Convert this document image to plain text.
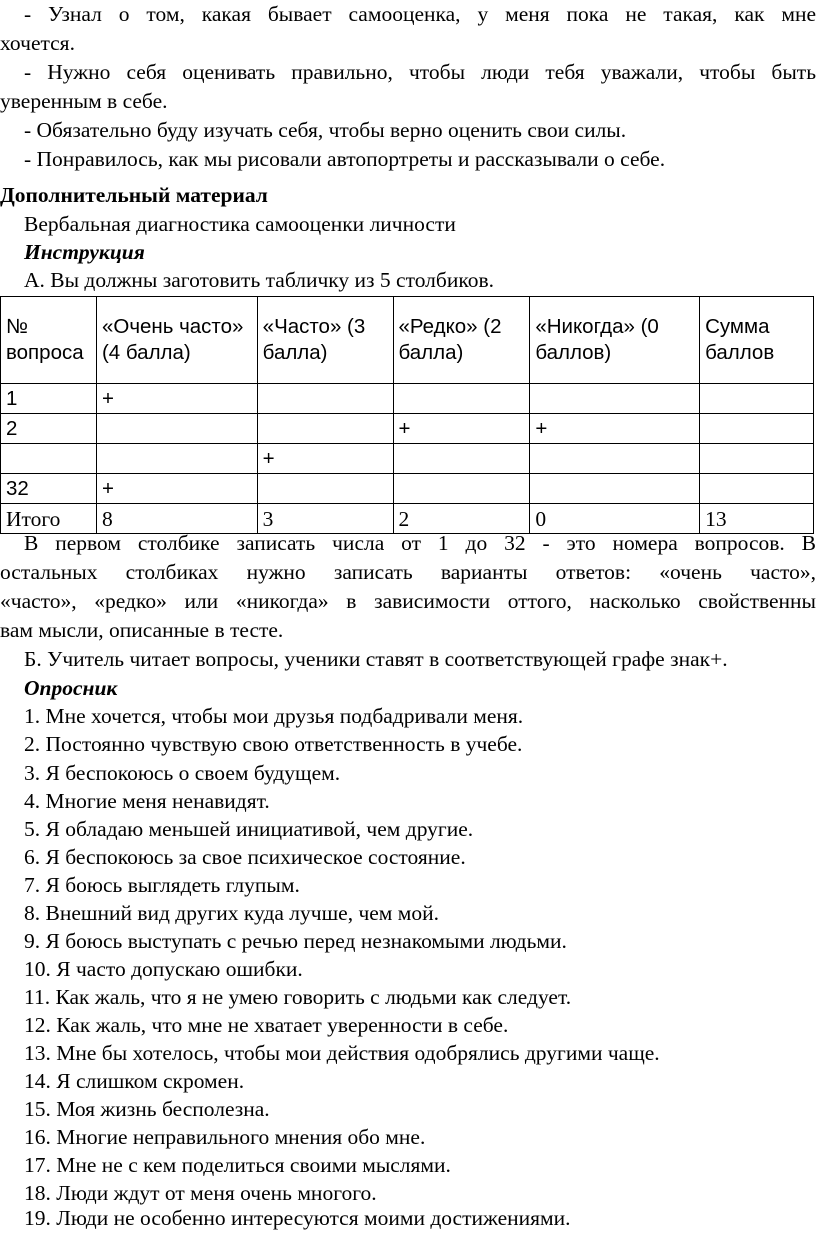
- Узнал о том, какая бывает самооценка, у меня пока не такая, как мне
хочется.
- Нужно себя оценивать правильно, чтобы люди тебя уважали, чтобы быть
уверенным в себе.
- Обязательно буду изучать себя, чтобы верно оценить свои силы.
- Понравилось, как мы рисовали автопортреты и рассказывали о себе.
Дополнительный материал
Вербальная диагностика самооценки личности
Инструкция
А. Вы должны заготовить табличку из 5 столбиков.
№ вопроса	«Очень часто» (4 балла)	«Часто» (3 балла)	«Редко» (2 балла)	«Никогда» (0 баллов)	Сумма баллов
1	+				
2			+	+	
		+			
32	+				
Итого	8	3	2	0	13
В первом столбике записать числа от 1 до 32 - это номера вопросов. В
остальных столбиках нужно записать варианты ответов: «очень часто»,
«часто», «редко» или «никогда» в зависимости оттого, насколько свойственны
вам мысли, описанные в тесте.
Б. Учитель читает вопросы, ученики ставят в соответствующей графе знак+.
Опросник
1. Мне хочется, чтобы мои друзья подбадривали меня.
2. Постоянно чувствую свою ответственность в учебе.
3. Я беспокоюсь о своем будущем.
4. Многие меня ненавидят.
5. Я обладаю меньшей инициативой, чем другие.
6. Я беспокоюсь за свое психическое состояние.
7. Я боюсь выглядеть глупым.
8. Внешний вид других куда лучше, чем мой.
9. Я боюсь выступать с речью перед незнакомыми людьми.
10. Я часто допускаю ошибки.
11. Как жаль, что я не умею говорить с людьми как следует.
12. Как жаль, что мне не хватает уверенности в себе.
13. Мне бы хотелось, чтобы мои действия одобрялись другими чаще.
14. Я слишком скромен.
15. Моя жизнь бесполезна.
16. Многие неправильного мнения обо мне.
17. Мне не с кем поделиться своими мыслями.
18. Люди ждут от меня очень многого.
19. Люди не особенно интересуются моими достижениями.
